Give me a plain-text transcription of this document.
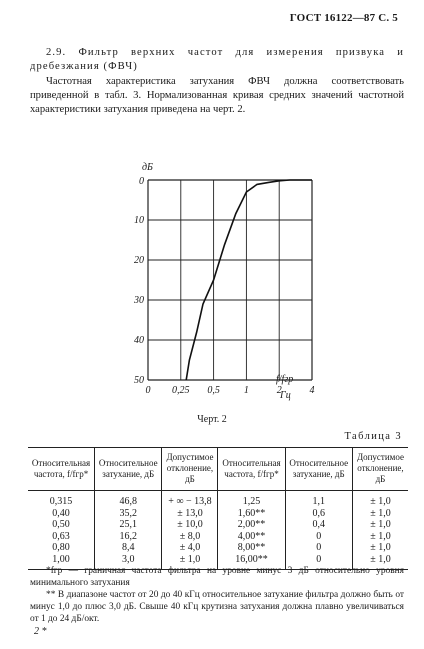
ГОСТ 16122—87 С. 5
2.9. Фильтр верхних частот для измерения призвука и дребезжания (ФВЧ)
Частотная характеристика затухания ФВЧ должна соответствовать приведенной в табл. 3. Нормализованная кривая средних значений частотной характеристики затухания приведена на черт. 2.
0
10
20
30
40
50
0 0,25 0,5 1	2	4
дБ
f/fгр
Гц
Черт. 2
Таблица 3
Относительная частота, f/fгр*	Относительное затухание, дБ	Допустимое отклонение, дБ	Относительная частота, f/fгр*	Относительное затухание, дБ	Допустимое отклонение, дБ
0,315	46,8	+ ∞ − 13,8	1,25	1,1	± 1,0
0,40	35,2	± 13,0	1,60**	0,6	± 1,0
0,50	25,1	± 10,0	2,00**	0,4	± 1,0
0,63	16,2	± 8,0	4,00**	0	± 1,0
0,80	8,4	± 4,0	8,00**	0	± 1,0
1,00	3,0	± 1,0	16,00**	0	± 1,0
*fгр — граничная частота фильтра на уровне минус 3 дБ относительно уровня минимального затухания
** В диапазоне частот от 20 до 40 кГц относительное затухание фильтра должно быть от минус 1,0 до плюс 3,0 дБ. Свыше 40 кГц крутизна затухания должна плавно увеличиваться от 1 до 24 дБ/окт.
2 *
